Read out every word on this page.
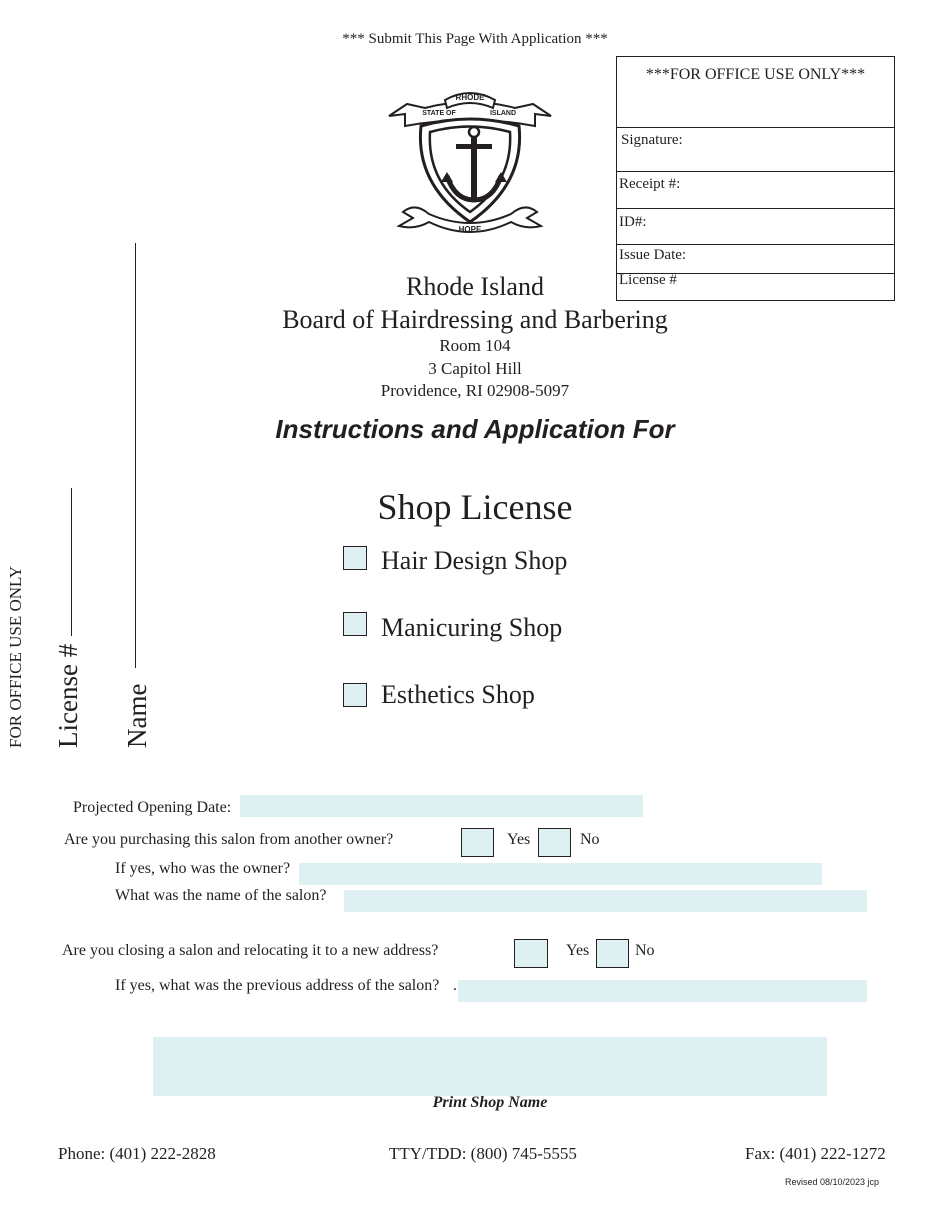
*** Submit This Page With Application ***
***FOR OFFICE USE ONLY***
Signature:
Receipt #:
ID#:
Issue Date:
License #
RHODE
STATE OF	ISLAND
HOPE
Rhode Island
Board of Hairdressing and Barbering
Room 104
3 Capitol Hill
Providence, RI 02908-5097
Instructions and Application For
Shop License
Hair Design Shop
Manicuring Shop
Esthetics Shop
FOR OFFICE USE ONLY License # Name
Projected Opening Date:
Are you purchasing this salon from another owner?	Yes	No
If yes, who was the owner?
What was the name of the salon?
Are you closing a salon and relocating it to a new address?	Yes	No
If yes, what was the previous address of the salon? .
Print Shop Name
Phone: (401) 222-2828	TTY/TDD: (800) 745-5555	Fax: (401) 222-1272
Revised 08/10/2023 jcp
